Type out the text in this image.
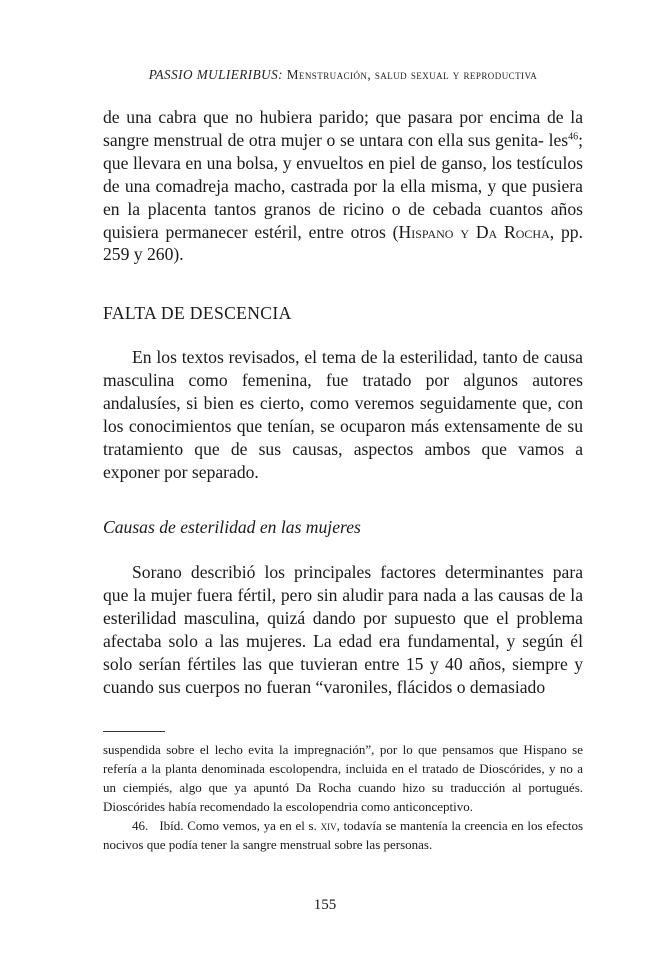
PASSIO MULIERIBUS: Menstruación, salud sexual y reproductiva

de una cabra que no hubiera parido; que pasara por encima de la sangre menstrual de otra mujer o se untara con ella sus genita- les$^{46}$; que llevara en una bolsa, y envueltos en piel de ganso, los testículos de una comadreja macho, castrada por la ella misma, y que pusiera en la placenta tantos granos de ricino o de cebada cuantos años quisiera permanecer estéril, entre otros (Hispano y Da Rocha, pp. 259 y 260).

FALTA DE DESCENCIA

En los textos revisados, el tema de la esterilidad, tanto de causa masculina como femenina, fue tratado por algunos autores andalusíes, si bien es cierto, como veremos seguidamente que, con los conocimientos que tenían, se ocuparon más extensamente de su tratamiento que de sus causas, aspectos ambos que vamos a exponer por separado.

Causas de esterilidad en las mujeres

Sorano describió los principales factores determinantes para que la mujer fuera fértil, pero sin aludir para nada a las causas de la esterilidad masculina, quizá dando por supuesto que el problema afectaba solo a las mujeres. La edad era fundamental, y según él solo serían fértiles las que tuvieran entre 15 y 40 años, siempre y cuando sus cuerpos no fueran “varoniles, flácidos o demasiado

suspendida sobre el lecho evita la impregnación”, por lo que pensamos que Hispano se refería a la planta denominada escolopendra, incluida en el tratado de Dioscórides, y no a un ciempiés, algo que ya apuntó Da Rocha cuando hizo su traducción al portugués. Dioscórides había recomendado la escolopendria como anticonceptivo.

46. Ibíd. Como vemos, ya en el s. xiv, todavía se mantenía la creencia en los efectos nocivos que podía tener la sangre menstrual sobre las personas.

155
